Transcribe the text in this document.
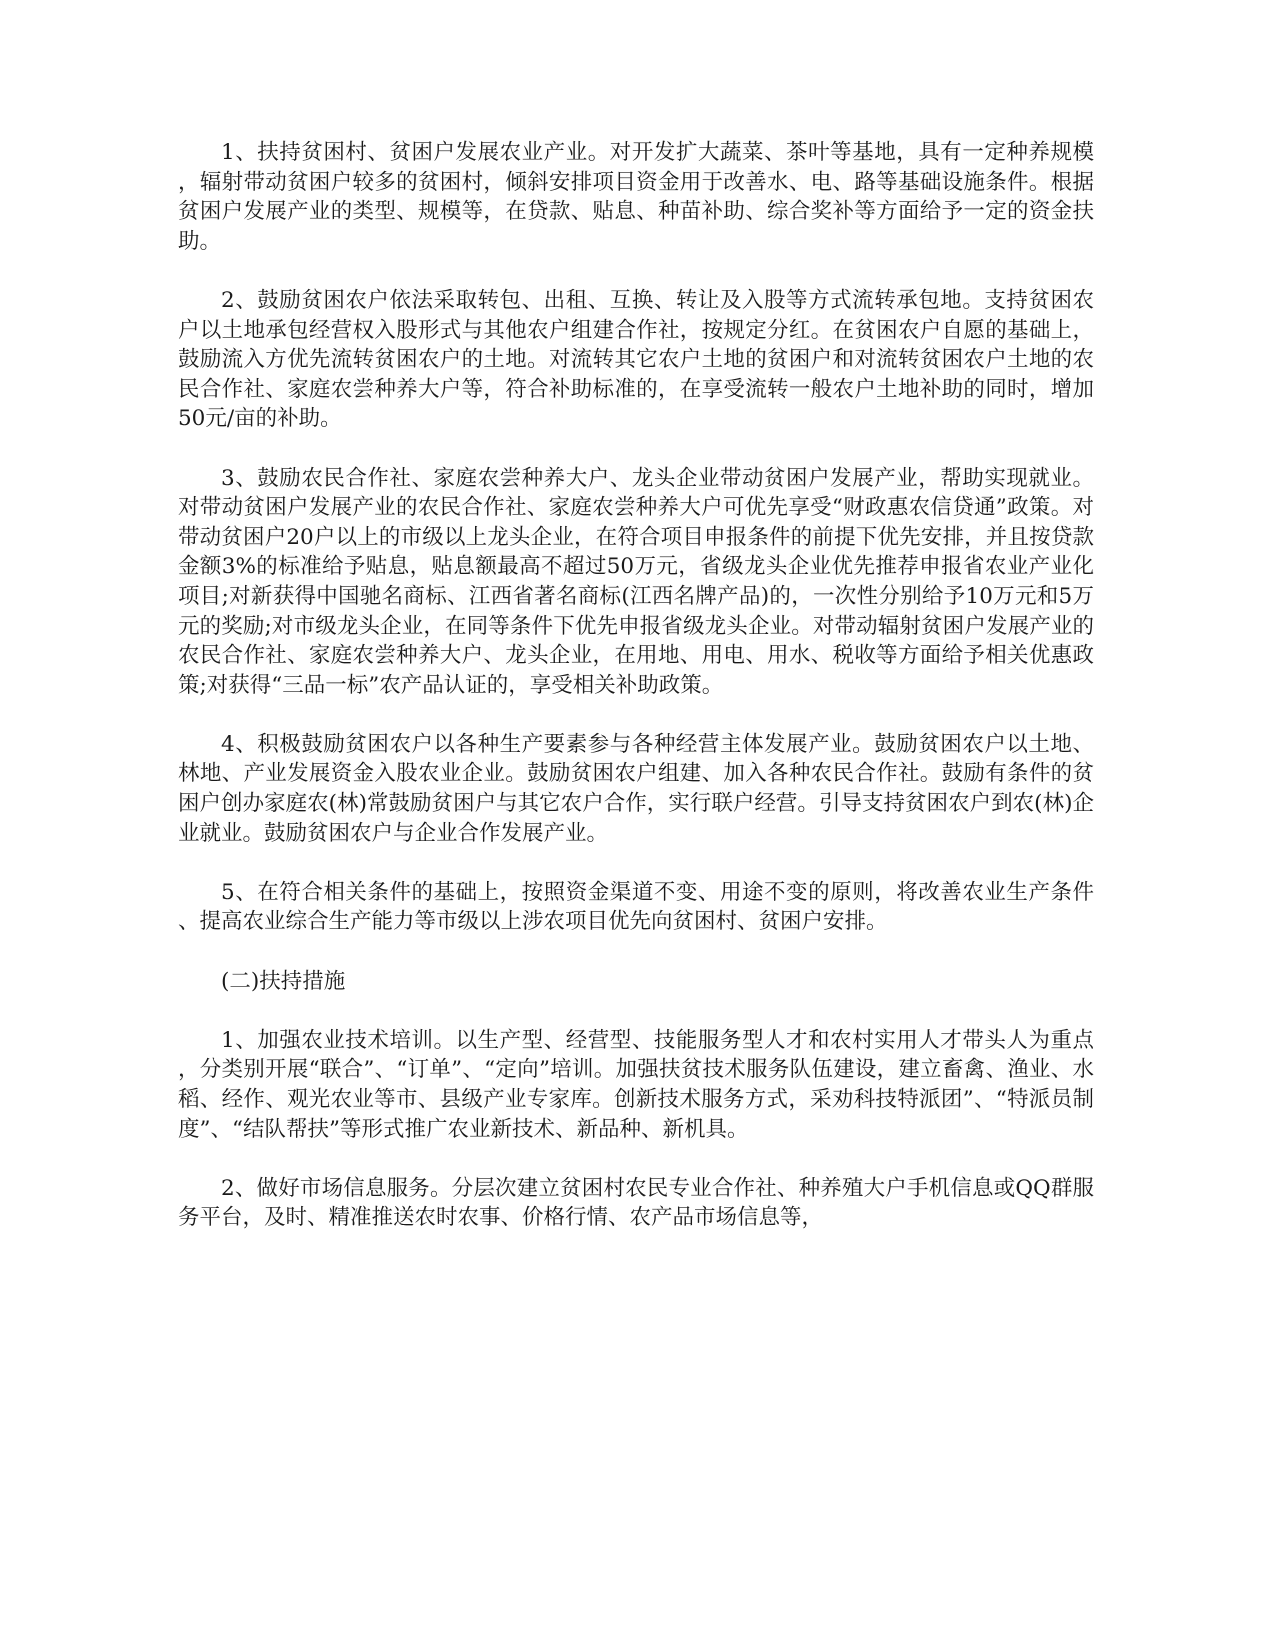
1、扶持贫困村、贫困户发展农业产业。对开发扩大蔬菜、茶叶等基地，具有一定种养规模，辐射带动贫困户较多的贫困村，倾斜安排项目资金用于改善水、电、路等基础设施条件。根据贫困户发展产业的类型、规模等，在贷款、贴息、种苗补助、综合奖补等方面给予一定的资金扶助。

2、鼓励贫困农户依法采取转包、出租、互换、转让及入股等方式流转承包地。支持贫困农户以土地承包经营权入股形式与其他农户组建合作社，按规定分红。在贫困农户自愿的基础上，鼓励流入方优先流转贫困农户的土地。对流转其它农户土地的贫困户和对流转贫困农户土地的农民合作社、家庭农尝种养大户等，符合补助标准的，在享受流转一般农户土地补助的同时，增加50元/亩的补助。

3、鼓励农民合作社、家庭农尝种养大户、龙头企业带动贫困户发展产业，帮助实现就业。对带动贫困户发展产业的农民合作社、家庭农尝种养大户可优先享受“财政惠农信贷通”政策。对带动贫困户20户以上的市级以上龙头企业，在符合项目申报条件的前提下优先安排，并且按贷款金额3%的标准给予贴息，贴息额最高不超过50万元，省级龙头企业优先推荐申报省农业产业化项目;对新获得中国驰名商标、江西省著名商标(江西名牌产品)的，一次性分别给予10万元和5万元的奖励;对市级龙头企业，在同等条件下优先申报省级龙头企业。对带动辐射贫困户发展产业的农民合作社、家庭农尝种养大户、龙头企业，在用地、用电、用水、税收等方面给予相关优惠政策;对获得“三品一标”农产品认证的，享受相关补助政策。

4、积极鼓励贫困农户以各种生产要素参与各种经营主体发展产业。鼓励贫困农户以土地、林地、产业发展资金入股农业企业。鼓励贫困农户组建、加入各种农民合作社。鼓励有条件的贫困户创办家庭农(林)常鼓励贫困户与其它农户合作，实行联户经营。引导支持贫困农户到农(林)企业就业。鼓励贫困农户与企业合作发展产业。

5、在符合相关条件的基础上，按照资金渠道不变、用途不变的原则，将改善农业生产条件、提高农业综合生产能力等市级以上涉农项目优先向贫困村、贫困户安排。

(二)扶持措施

1、加强农业技术培训。以生产型、经营型、技能服务型人才和农村实用人才带头人为重点，分类别开展“联合”、“订单”、“定向”培训。加强扶贫技术服务队伍建设，建立畜禽、渔业、水稻、经作、观光农业等市、县级产业专家库。创新技术服务方式，采劝科技特派团”、“特派员制度”、“结队帮扶”等形式推广农业新技术、新品种、新机具。

2、做好市场信息服务。分层次建立贫困村农民专业合作社、种养殖大户手机信息或QQ群服务平台，及时、精准推送农时农事、价格行情、农产品市场信息等，
